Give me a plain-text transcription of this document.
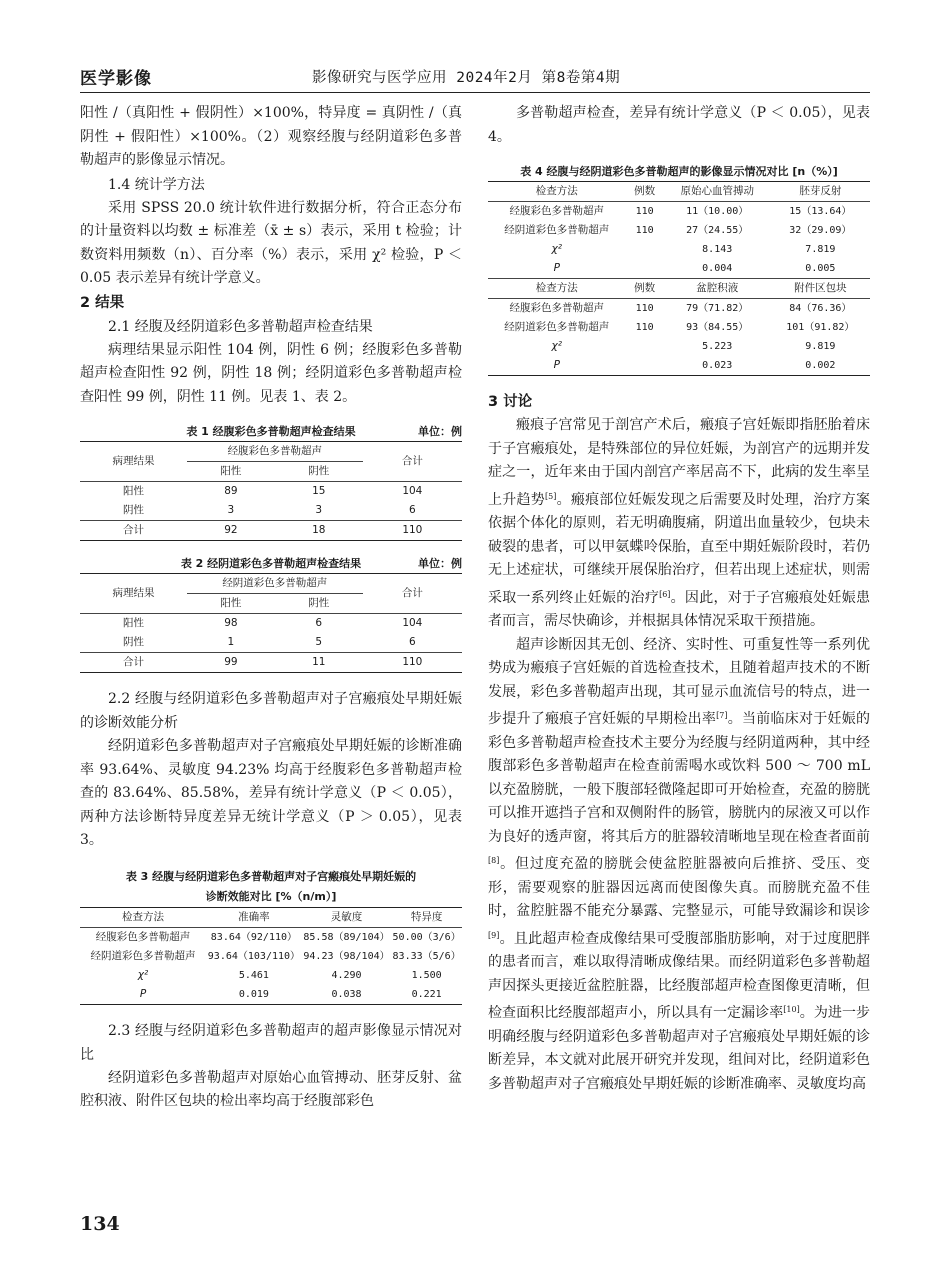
医学影像	影像研究与医学应用 2024年2月 第8卷第4期

阳性 /（真阳性 + 假阴性）×100%，特异度 = 真阴性 /（真阴性 + 假阳性）×100%。（2）观察经腹与经阴道彩色多普勒超声的影像显示情况。

1.4 统计学方法

采用 SPSS 20.0 统计软件进行数据分析，符合正态分布的计量资料以均数 ± 标准差（x̄ ± s）表示，采用 t 检验；计数资料用频数（n）、百分率（%）表示，采用 χ² 检验，P ＜ 0.05 表示差异有统计学意义。

2 结果

2.1 经腹及经阴道彩色多普勒超声检查结果

病理结果显示阳性 104 例，阴性 6 例；经腹彩色多普勒超声检查阳性 92 例，阴性 18 例；经阴道彩色多普勒超声检查阳性 99 例，阴性 11 例。见表 1、表 2。

表 1 经腹彩色多普勒超声检查结果	单位：例
病理结果	经腹彩色多普勒超声		合计
	阳性	阴性	
阳性	89	15	104
阴性	3	3	6
合计	92	18	110
表 2 经阴道彩色多普勒超声检查结果	单位：例
病理结果	经阴道彩色多普勒超声		合计
	阳性	阴性	
阳性	98	6	104
阴性	1	5	6
合计	99	11	110

2.2 经腹与经阴道彩色多普勒超声对子宫瘢痕处早期妊娠的诊断效能分析

经阴道彩色多普勒超声对子宫瘢痕处早期妊娠的诊断准确率 93.64%、灵敏度 94.23% 均高于经腹彩色多普勒超声检查的 83.64%、85.58%，差异有统计学意义（P ＜ 0.05），两种方法诊断特异度差异无统计学意义（P ＞ 0.05），见表 3。

表 3 经腹与经阴道彩色多普勒超声对子宫瘢痕处早期妊娠的
诊断效能对比 [%（n/m）]
检查方法	准确率	灵敏度	特异度
经腹彩色多普勒超声	83.64（92/110）	85.58（89/104）	50.00（3/6）
经阴道彩色多普勒超声	93.64（103/110）	94.23（98/104）	83.33（5/6）
χ²	5.461	4.290	1.500
P	0.019	0.038	0.221

2.3 经腹与经阴道彩色多普勒超声的超声影像显示情况对比

经阴道彩色多普勒超声对原始心血管搏动、胚芽反射、盆腔积液、附件区包块的检出率均高于经腹部彩色

多普勒超声检查，差异有统计学意义（P ＜ 0.05），见表 4。

表 4 经腹与经阴道彩色多普勒超声的影像显示情况对比 [n（%）]
检查方法	例数	原始心血管搏动	胚芽反射
经腹彩色多普勒超声	110	11（10.00）	15（13.64）
经阴道彩色多普勒超声	110	27（24.55）	32（29.09）
χ²		8.143	7.819
P		0.004	0.005
检查方法	例数	盆腔积液	附件区包块
经腹彩色多普勒超声	110	79（71.82）	84（76.36）
经阴道彩色多普勒超声	110	93（84.55）	101（91.82）
χ²		5.223	9.819
P		0.023	0.002

3 讨论

瘢痕子宫常见于剖宫产术后，瘢痕子宫妊娠即指胚胎着床于子宫瘢痕处，是特殊部位的异位妊娠，为剖宫产的远期并发症之一，近年来由于国内剖宫产率居高不下，此病的发生率呈上升趋势[5]。瘢痕部位妊娠发现之后需要及时处理，治疗方案依据个体化的原则，若无明确腹痛，阴道出血量较少，包块未破裂的患者，可以甲氨蝶呤保胎，直至中期妊娠阶段时，若仍无上述症状，可继续开展保胎治疗，但若出现上述症状，则需采取一系列终止妊娠的治疗[6]。因此，对于子宫瘢痕处妊娠患者而言，需尽快确诊，并根据具体情况采取干预措施。

超声诊断因其无创、经济、实时性、可重复性等一系列优势成为瘢痕子宫妊娠的首选检查技术，且随着超声技术的不断发展，彩色多普勒超声出现，其可显示血流信号的特点，进一步提升了瘢痕子宫妊娠的早期检出率[7]。当前临床对于妊娠的彩色多普勒超声检查技术主要分为经腹与经阴道两种，其中经腹部彩色多普勒超声在检查前需喝水或饮料 500 ～ 700 mL 以充盈膀胱，一般下腹部轻微隆起即可开始检查，充盈的膀胱可以推开遮挡子宫和双侧附件的肠管，膀胱内的尿液又可以作为良好的透声窗，将其后方的脏器较清晰地呈现在检查者面前[8]。但过度充盈的膀胱会使盆腔脏器被向后推挤、受压、变形，需要观察的脏器因远离而使图像失真。而膀胱充盈不佳时，盆腔脏器不能充分暴露、完整显示，可能导致漏诊和误诊[9]。且此超声检查成像结果可受腹部脂肪影响，对于过度肥胖的患者而言，难以取得清晰成像结果。而经阴道彩色多普勒超声因探头更接近盆腔脏器，比经腹部超声检查图像更清晰，但检查面积比经腹部超声小，所以具有一定漏诊率[10]。为进一步明确经腹与经阴道彩色多普勒超声对子宫瘢痕处早期妊娠的诊断差异，本文就对此展开研究并发现，组间对比，经阴道彩色多普勒超声对子宫瘢痕处早期妊娠的诊断准确率、灵敏度均高

134
